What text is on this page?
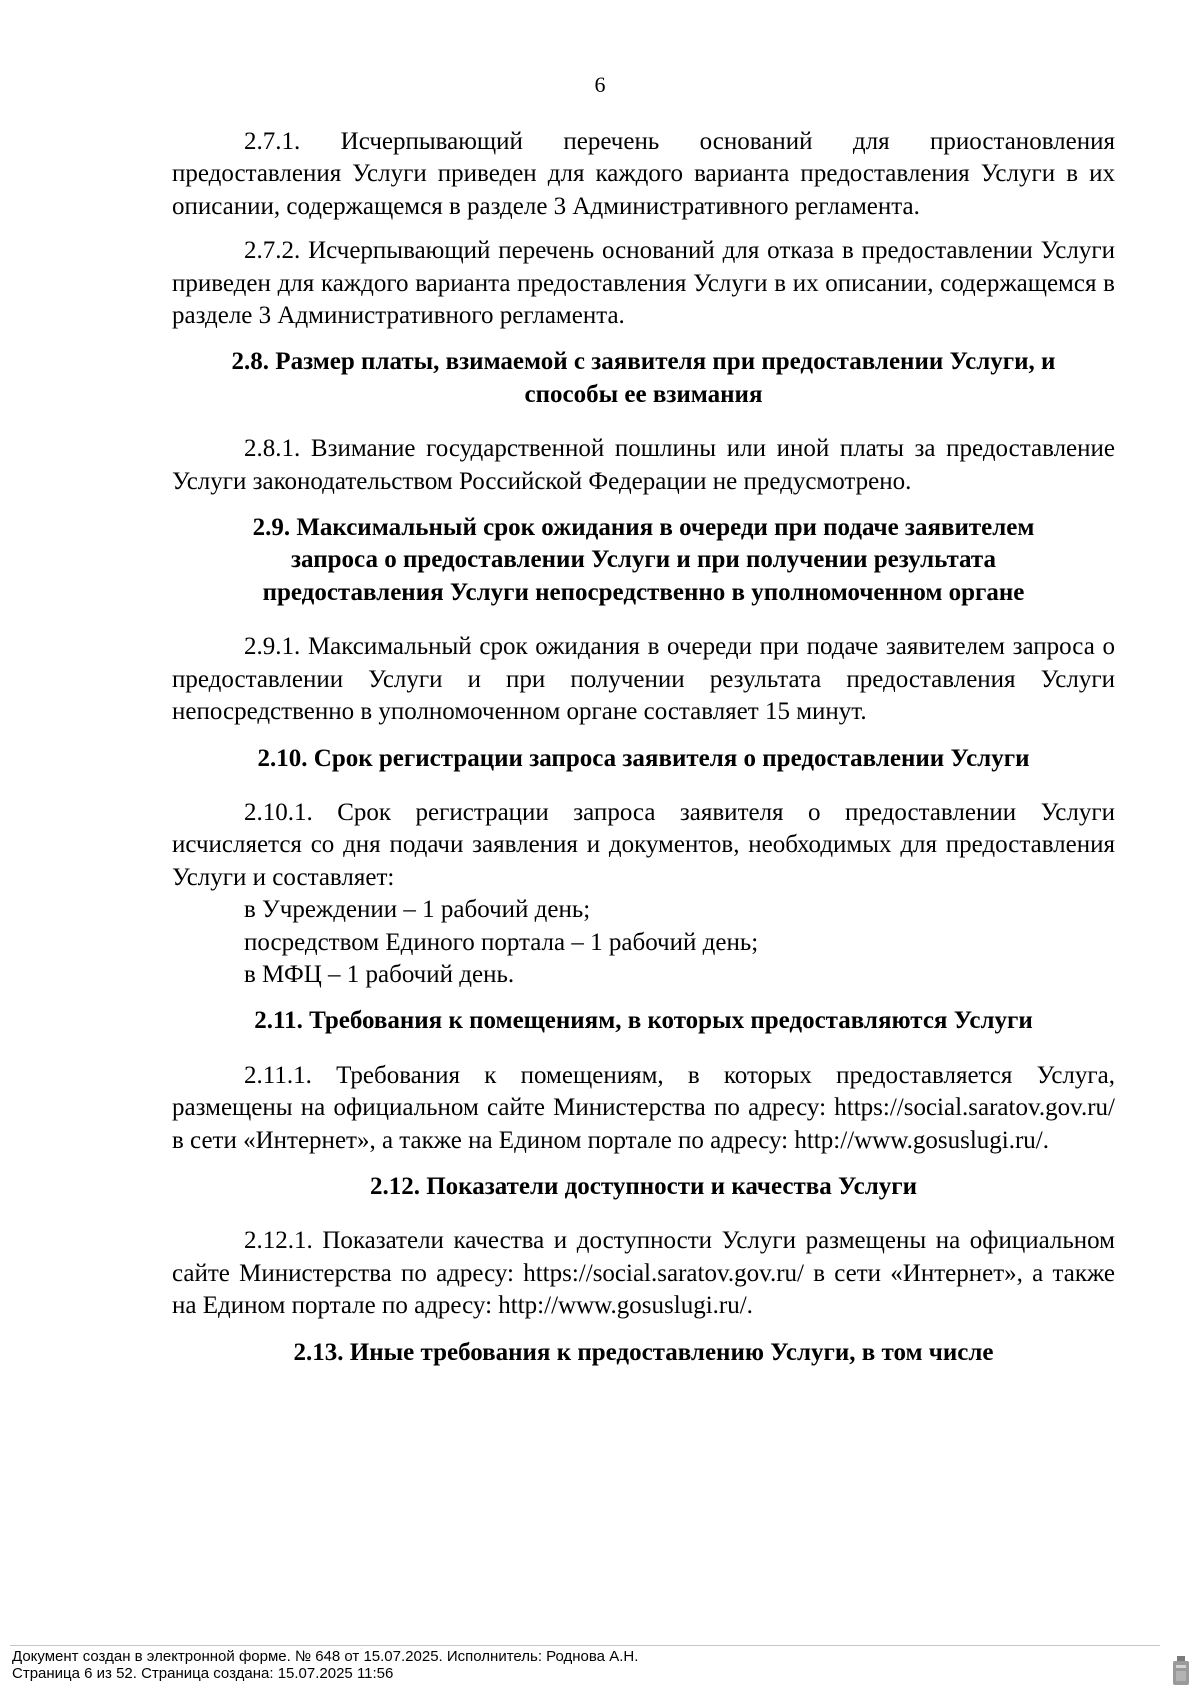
6

2.7.1. Исчерпывающий перечень оснований для приостановления предоставления Услуги приведен для каждого варианта предоставления Услуги в их описании, содержащемся в разделе 3 Административного регламента.

2.7.2. Исчерпывающий перечень оснований для отказа в предоставлении Услуги приведен для каждого варианта предоставления Услуги в их описании, содержащемся в разделе 3 Административного регламента.

2.8. Размер платы, взимаемой с заявителя при предоставлении Услуги, и
способы ее взимания

2.8.1. Взимание государственной пошлины или иной платы за предоставление Услуги законодательством Российской Федерации не предусмотрено.

2.9. Максимальный срок ожидания в очереди при подаче заявителем
запроса о предоставлении Услуги и при получении результата
предоставления Услуги непосредственно в уполномоченном органе

2.9.1. Максимальный срок ожидания в очереди при подаче заявителем запроса о предоставлении Услуги и при получении результата предоставления Услуги непосредственно в уполномоченном органе составляет 15 минут.

2.10. Срок регистрации запроса заявителя о предоставлении Услуги

2.10.1. Срок регистрации запроса заявителя о предоставлении Услуги исчисляется со дня подачи заявления и документов, необходимых для предоставления Услуги и составляет:

в Учреждении – 1 рабочий день;

посредством Единого портала – 1 рабочий день;

в МФЦ – 1 рабочий день.

2.11. Требования к помещениям, в которых предоставляются Услуги

2.11.1. Требования к помещениям, в которых предоставляется Услуга, размещены на официальном сайте Министерства по адресу: https://social.saratov.gov.ru/ в сети «Интернет», а также на Едином портале по адресу: http://www.gosuslugi.ru/.

2.12. Показатели доступности и качества Услуги

2.12.1. Показатели качества и доступности Услуги размещены на официальном сайте Министерства по адресу: https://social.saratov.gov.ru/ в сети «Интернет», а также на Едином портале по адресу: http://www.gosuslugi.ru/.

2.13. Иные требования к предоставлению Услуги, в том числе
Документ создан в электронной форме. № 648 от 15.07.2025. Исполнитель: Роднова А.Н.
Страница 6 из 52. Страница создана: 15.07.2025 11:56
